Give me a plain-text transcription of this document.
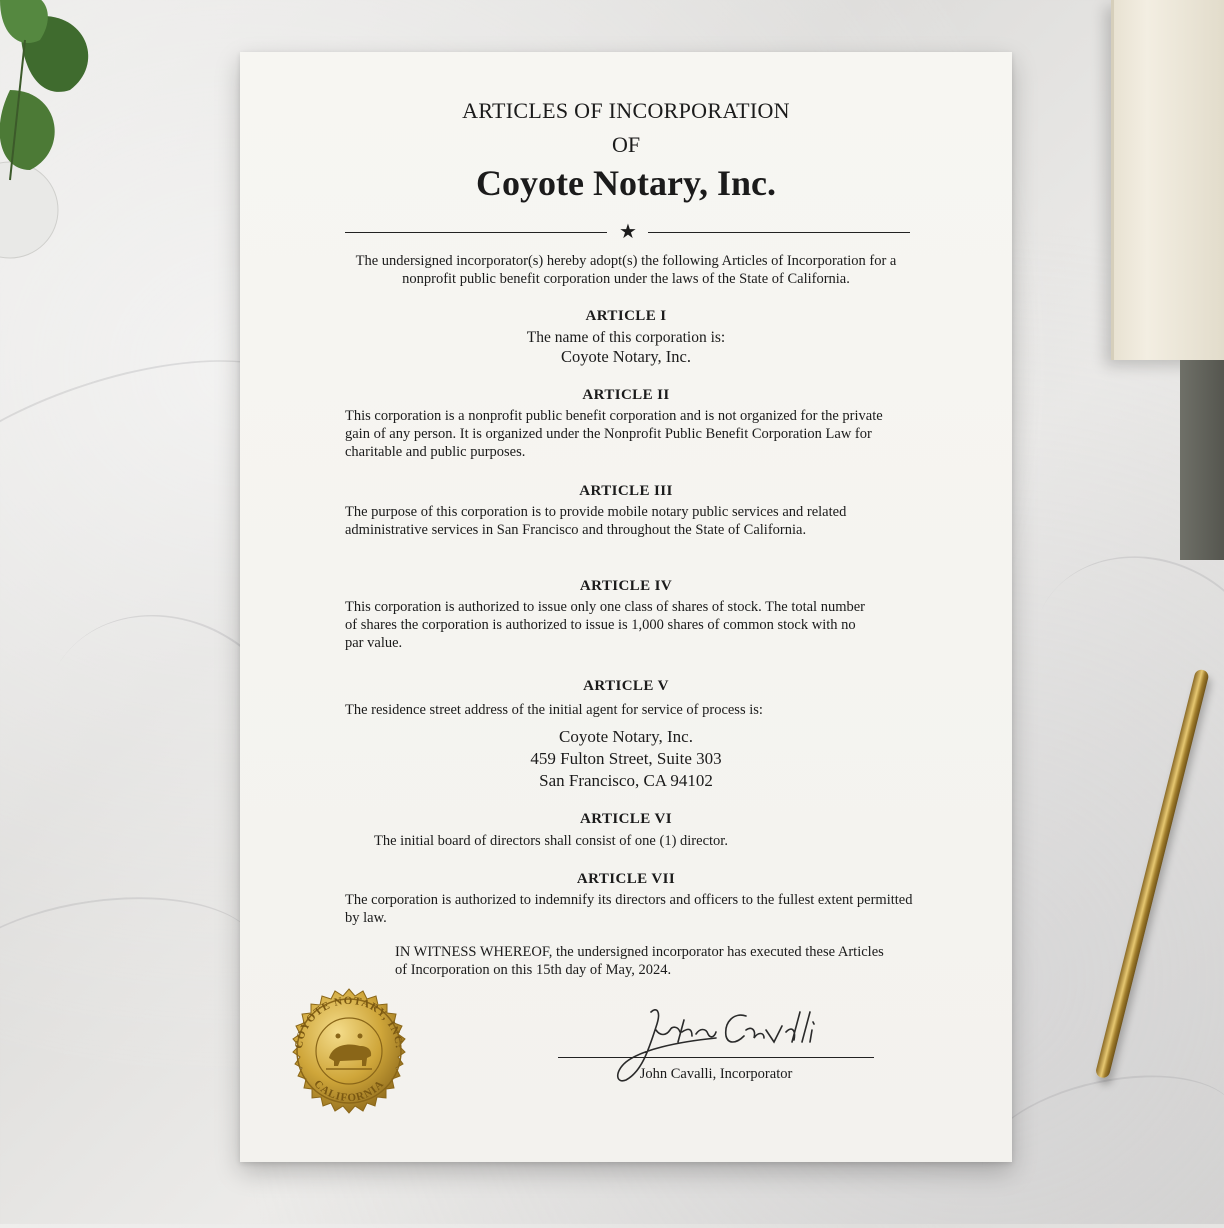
ARTICLES OF INCORPORATION
OF
Coyote Notary, Inc.
★
The undersigned incorporator(s) hereby adopt(s) the following Articles of Incorporation for a nonprofit public benefit corporation under the laws of the State of California.
ARTICLE I
The name of this corporation is:
Coyote Notary, Inc.
ARTICLE II
This corporation is a nonprofit public benefit corporation and is not organized for the private gain of any person. It is organized under the Nonprofit Public Benefit Corporation Law for charitable and public purposes.
ARTICLE III
The purpose of this corporation is to provide mobile notary public services and related administrative services in San Francisco and throughout the State of California.
ARTICLE IV
This corporation is authorized to issue only one class of shares of stock. The total number of shares the corporation is authorized to issue is 1,000 shares of common stock with no par value.
ARTICLE V
The residence street address of the initial agent for service of process is:
Coyote Notary, Inc.
459 Fulton Street, Suite 303
San Francisco, CA 94102
ARTICLE VI
The initial board of directors shall consist of one (1) director.
ARTICLE VII
The corporation is authorized to indemnify its directors and officers to the fullest extent permitted by law.
IN WITNESS WHEREOF, the undersigned incorporator has executed these Articles of Incorporation on this 15th day of May, 2024.
COYOTE NOTARY, INC.
CALIFORNIA
John Cavalli, Incorporator
